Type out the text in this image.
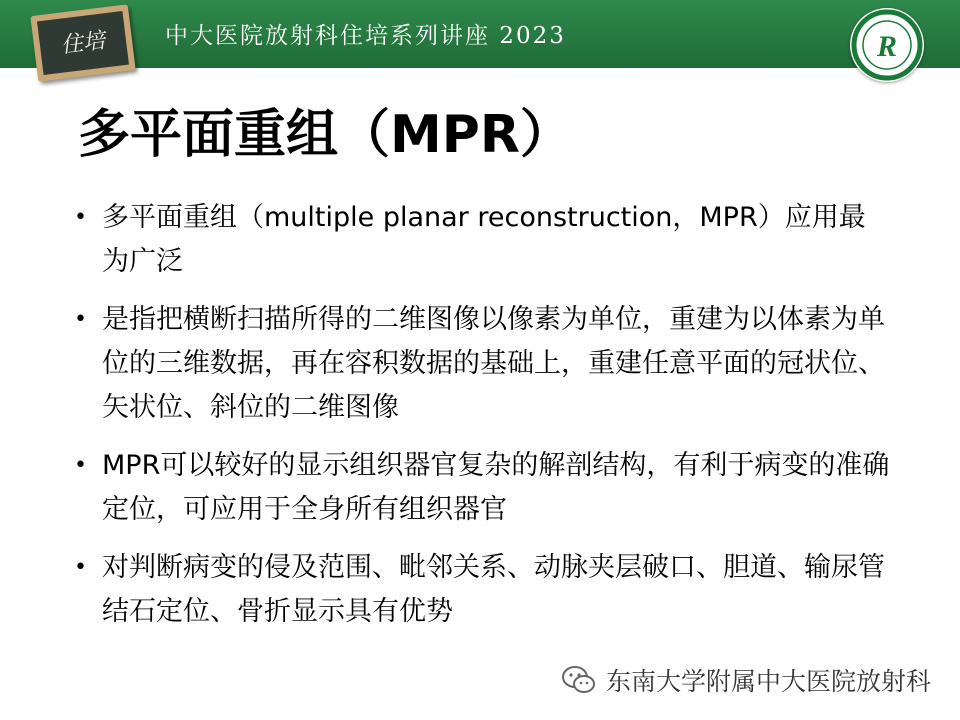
住培	中大医院放射科住培系列讲座 2023	R
多平面重组（MPR）
• 多平面重组（multiple planar reconstruction，MPR）应用最为广泛
• 是指把横断扫描所得的二维图像以像素为单位，重建为以体素为单位的三维数据，再在容积数据的基础上，重建任意平面的冠状位、矢状位、斜位的二维图像
• MPR可以较好的显示组织器官复杂的解剖结构，有利于病变的准确定位，可应用于全身所有组织器官
• 对判断病变的侵及范围、毗邻关系、动脉夹层破口、胆道、输尿管结石定位、骨折显示具有优势
东南大学附属中大医院放射科
